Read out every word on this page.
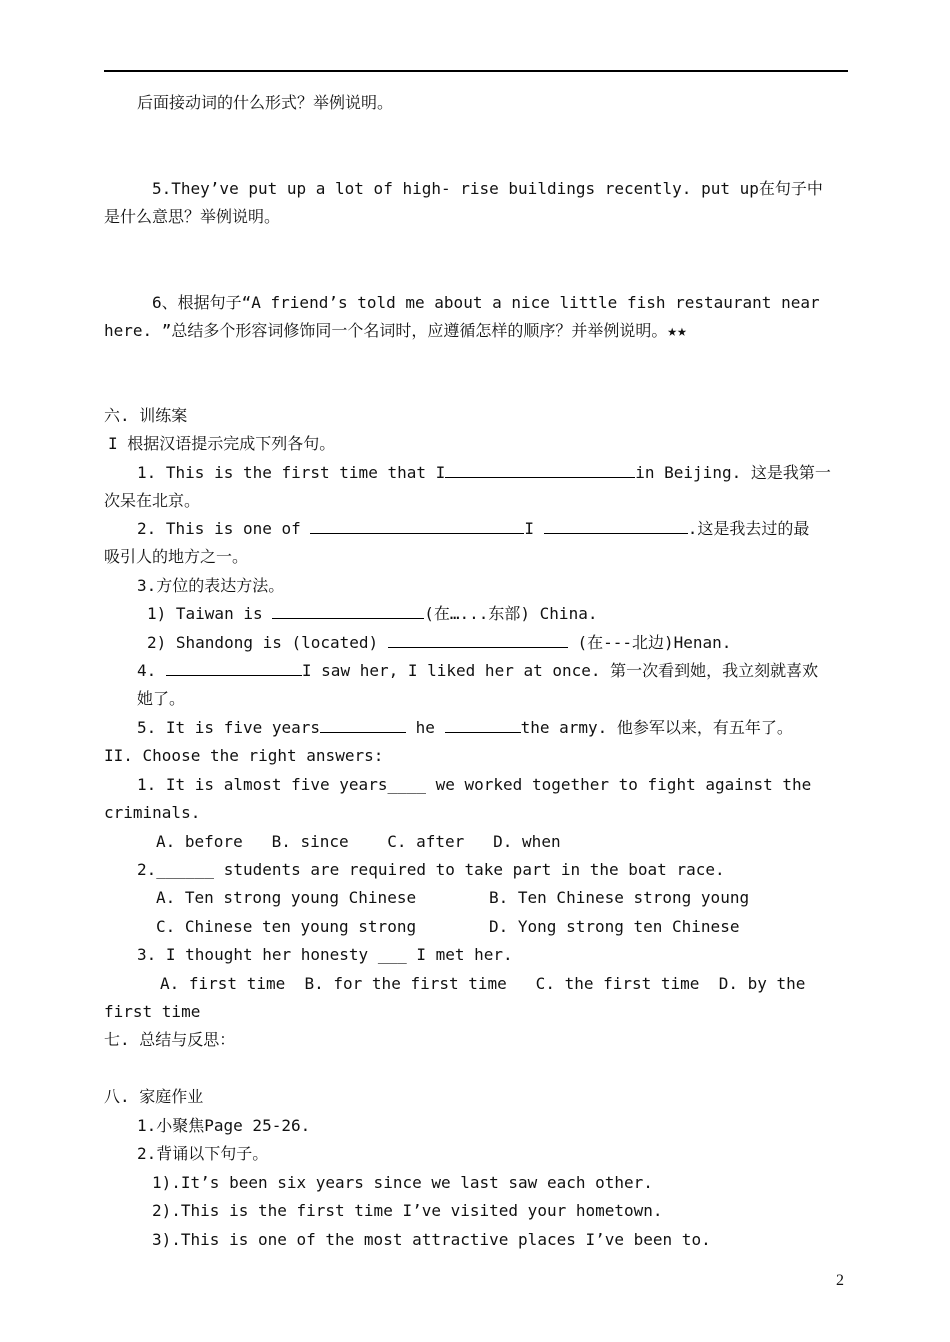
后面接动词的什么形式？举例说明。
5.They’ve put up a lot of high- rise buildings recently. put up在句子中
是什么意思？举例说明。
6、根据句子“A friend’s told me about a nice little fish restaurant near
here. ”总结多个形容词修饰同一个名词时，应遵循怎样的顺序？并举例说明。★★
六. 训练案
I 根据汉语提示完成下列各句。
1. This is the first time that I	in Beijing. 这是我第一
次呆在北京。
2. This is one of	I	.这是我去过的最
吸引人的地方之一。
3.方位的表达方法。
1) Taiwan is	(在…...东部) China.
2) Shandong is (located)	(在---北边)Henan.
4.	I saw her, I liked her at once. 第一次看到她，我立刻就喜欢
她了。
5. It is five years	he	the army. 他参军以来，有五年了。
II. Choose the right answers:
1. It is almost five years____ we worked together to fight against the
criminals.
A. before   B. since    C. after   D. when
2.______ students are required to take part in the boat race.
A. Ten strong young Chinese	B. Ten Chinese strong young
C. Chinese ten young strong	D. Yong strong ten Chinese
3. I thought her honesty ___ I met her.
A. first time  B. for the first time   C. the first time  D. by the
first time
七. 总结与反思：
八. 家庭作业
1.小聚焦Page 25-26.
2.背诵以下句子。
1).It’s been six years since we last saw each other.
2).This is the first time I’ve visited your hometown.
3).This is one of the most attractive places I’ve been to.
2
